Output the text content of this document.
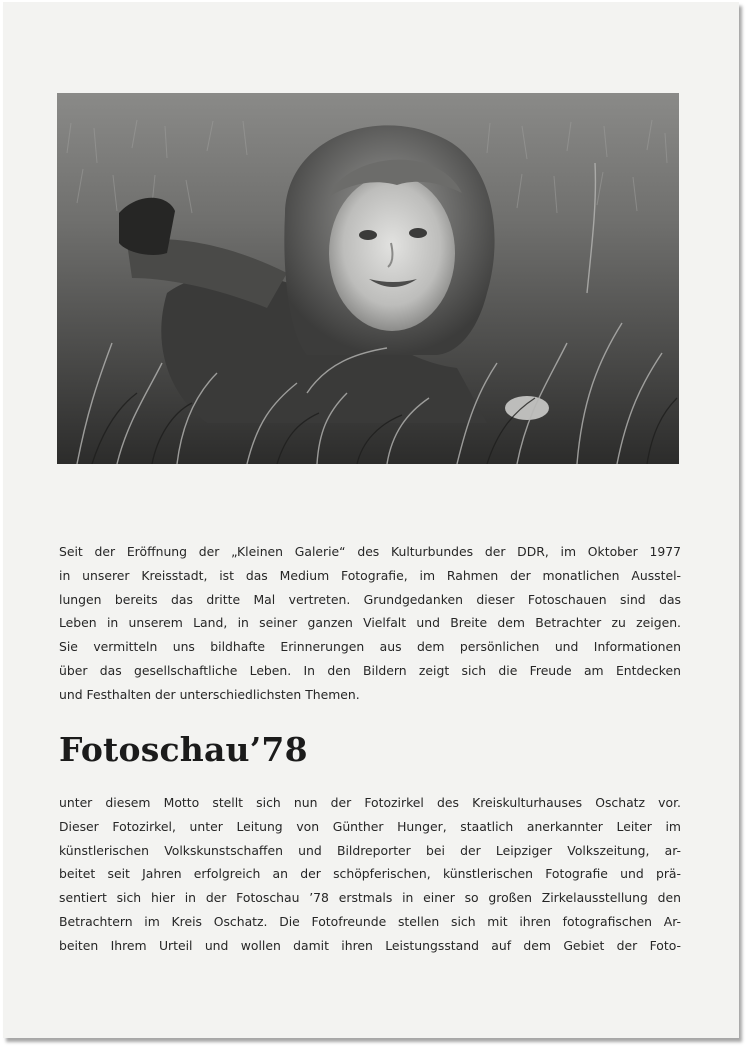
Seit der Eröffnung der „Kleinen Galerie“ des Kulturbundes der DDR, im Oktober 1977
in unserer Kreisstadt, ist das Medium Fotografie, im Rahmen der monatlichen Ausstel-
lungen bereits das dritte Mal vertreten. Grundgedanken dieser Fotoschauen sind das
Leben in unserem Land, in seiner ganzen Vielfalt und Breite dem Betrachter zu zeigen.
Sie vermitteln uns bildhafte Erinnerungen aus dem persönlichen und Informationen
über das gesellschaftliche Leben. In den Bildern zeigt sich die Freude am Entdecken
und Festhalten der unterschiedlichsten Themen.

Fotoschau’78

unter diesem Motto stellt sich nun der Fotozirkel des Kreiskulturhauses Oschatz vor.
Dieser Fotozirkel, unter Leitung von Günther Hunger, staatlich anerkannter Leiter im
künstlerischen Volkskunstschaffen und Bildreporter bei der Leipziger Volkszeitung, ar-
beitet seit Jahren erfolgreich an der schöpferischen, künstlerischen Fotografie und prä-
sentiert sich hier in der Fotoschau ’78 erstmals in einer so großen Zirkelausstellung den
Betrachtern im Kreis Oschatz. Die Fotofreunde stellen sich mit ihren fotografischen Ar-
beiten Ihrem Urteil und wollen damit ihren Leistungsstand auf dem Gebiet der Foto-
